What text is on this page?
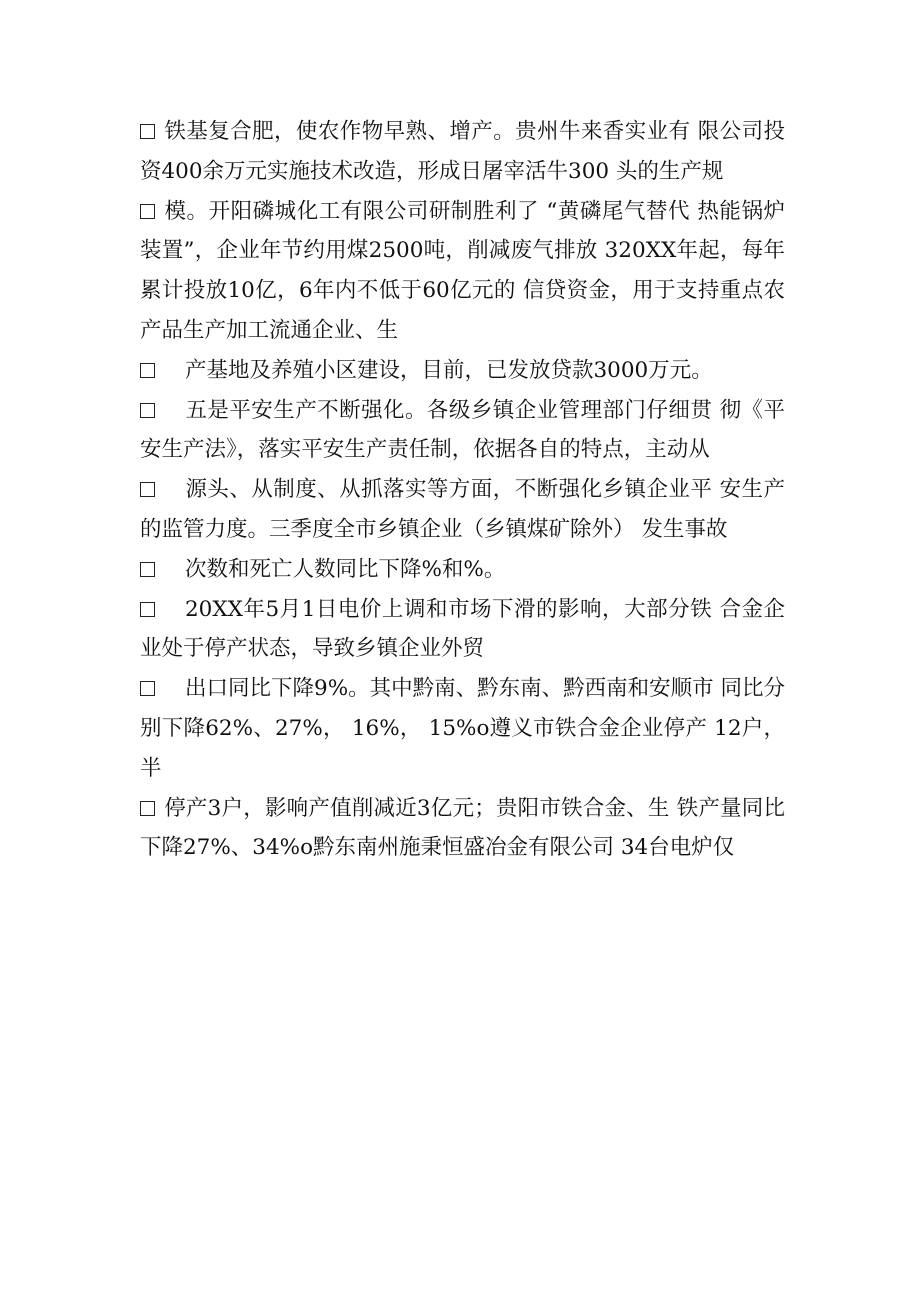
铁基复合肥，使农作物早熟、增产。贵州牛来香实业有 限公司投资400余万元实施技术改造，形成日屠宰活牛300 头的生产规

模。开阳磷城化工有限公司研制胜利了 “黄磷尾气替代 热能锅炉装置”，企业年节约用煤2500吨，削减废气排放 320XX年起，每年累计投放10亿，6年内不低于60亿元的 信贷资金，用于支持重点农产品生产加工流通企业、生

产基地及养殖小区建设，目前，已发放贷款3000万元。

五是平安生产不断强化。各级乡镇企业管理部门仔细贯 彻《平安生产法》，落实平安生产责任制，依据各自的特点，主动从

源头、从制度、从抓落实等方面，不断强化乡镇企业平 安生产的监管力度。三季度全市乡镇企业（乡镇煤矿除外） 发生事故

次数和死亡人数同比下降%和%。

20XX年5月1日电价上调和市场下滑的影响，大部分铁 合金企业处于停产状态，导致乡镇企业外贸

出口同比下降9%。其中黔南、黔东南、黔西南和安顺市 同比分别下降62%、27%， 16%， 15%o遵义市铁合金企业停产 12户，半

停产3户，影响产值削减近3亿元；贵阳市铁合金、生 铁产量同比下降27%、34%o黔东南州施秉恒盛冶金有限公司 34台电炉仅
